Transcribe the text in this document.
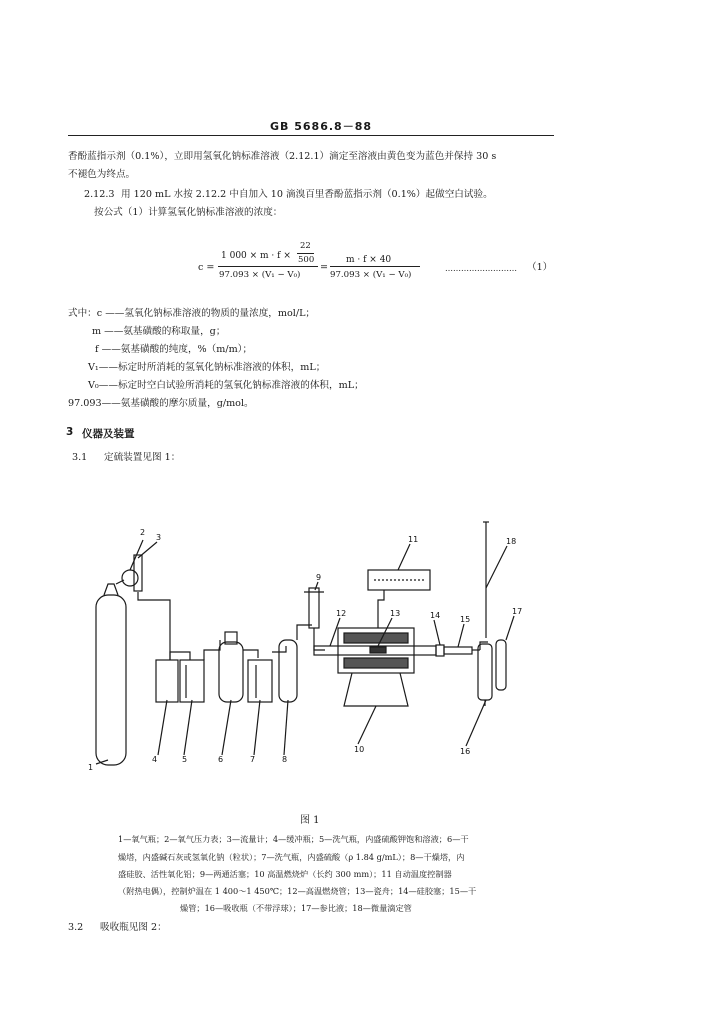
GB 5686.8－88
香酚蓝指示剂（0.1%），立即用氢氧化钠标准溶液（2.12.1）滴定至溶液由黄色变为蓝色并保持 30 s
不褪色为终点。
2.12.3 用 120 mL 水按 2.12.2 中自加入 10 滴溴百里香酚蓝指示剂（0.1%）起做空白试验。
按公式（1）计算氢氧化钠标准溶液的浓度：
c =
1 000 × m · f ×
22
500
97.093 × (V₁ − V₀)
=
m · f × 40
97.093 × (V₁ − V₀)
……………………… （1）
式中：c ——氢氧化钠标准溶液的物质的量浓度，mol/L；
m ——氨基磺酸的称取量，g；
f ——氨基磺酸的纯度，%（m/m）；
V₁——标定时所消耗的氢氧化钠标准溶液的体积，mL；
V₀——标定时空白试验所消耗的氢氧化钠标准溶液的体积，mL；
97.093——氨基磺酸的摩尔质量，g/mol。
3 仪器及装置
3.1 定硫装置见图 1：
1
2
3
4	5	6	7	8
9
10
11
12	13	14 15
16
17
18
图 1
1—氧气瓶；2—氧气压力表；3—流量计；4—缓冲瓶；5—洗气瓶，内盛硫酸钾饱和溶液；6—干
燥塔，内盛碱石灰或氢氧化钠（粒状）；7—洗气瓶，内盛硫酸（ρ 1.84 g/mL）；8—干燥塔，内
盛硅胶、活性氧化铝；9—两通活塞；10 高温燃烧炉（长约 300 mm）；11 自动温度控制器
（附热电偶），控制炉温在 1 400～1 450℃；12—高温燃烧管；13—瓷舟；14—硅胶塞；15—干
燥管；16—吸收瓶（不带浮球）；17—参比液；18—微量滴定管
3.2 吸收瓶见图 2：
